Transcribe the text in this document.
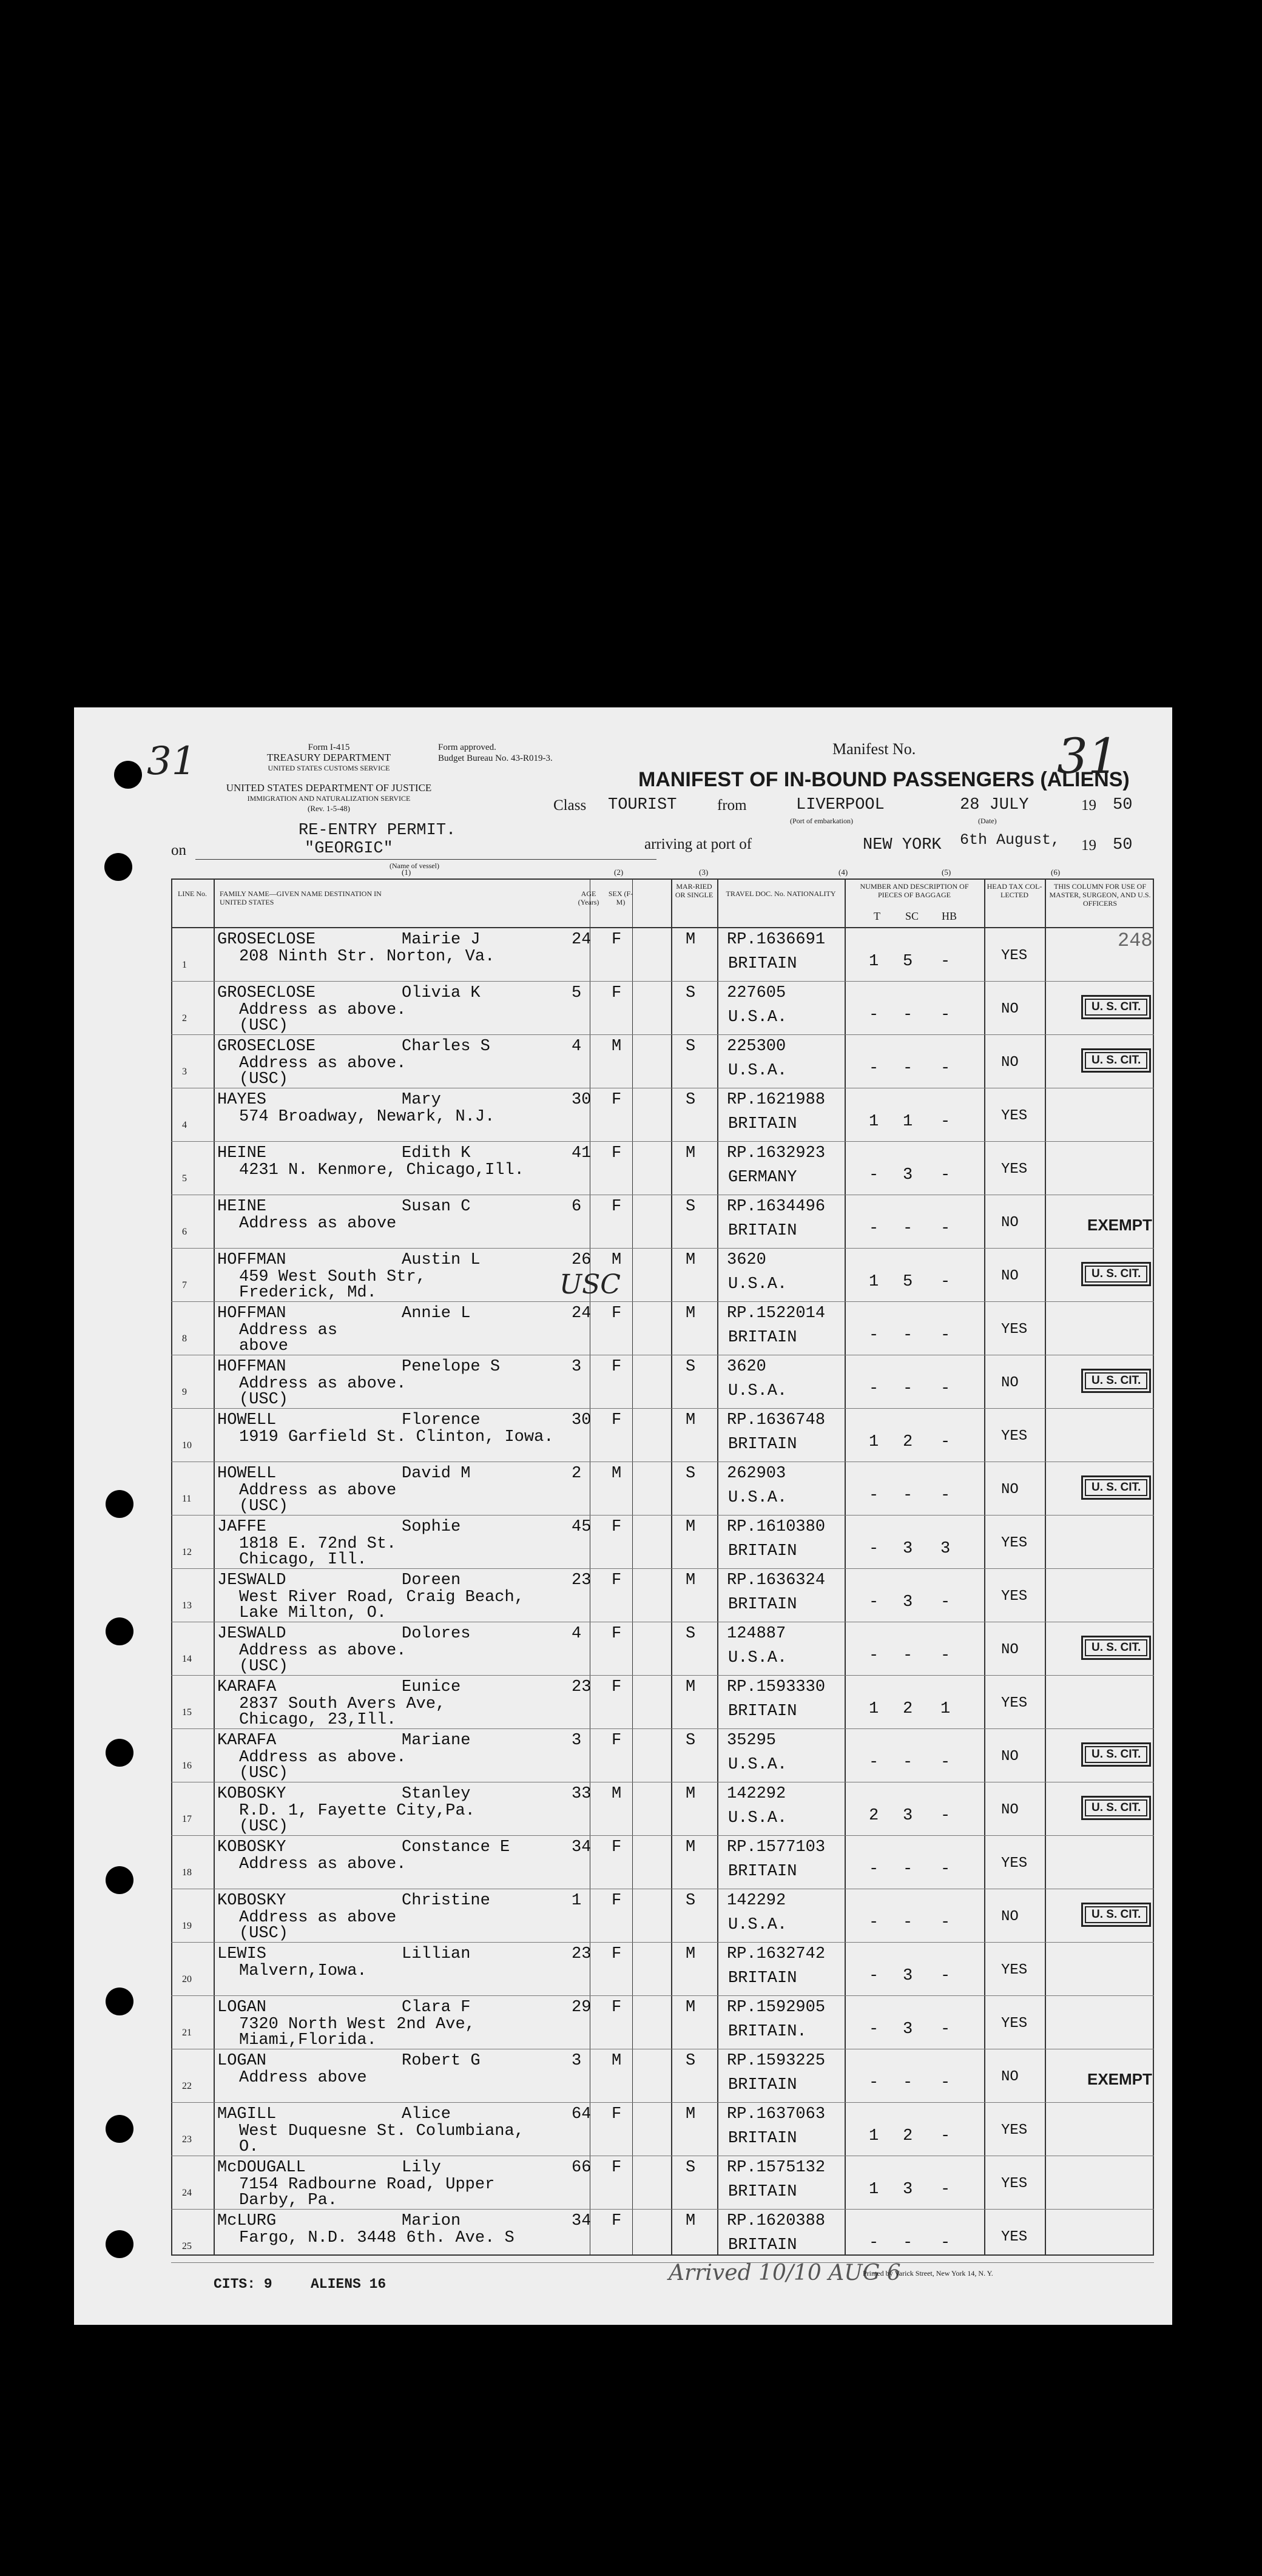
31	Form I-415
TREASURY DEPARTMENT
UNITED STATES CUSTOMS SERVICE
UNITED STATES DEPARTMENT OF JUSTICE
IMMIGRATION AND NATURALIZATION SERVICE
(Rev. 1-5-48)
Form approved.
Budget Bureau No. 43-R019-3.
Manifest No.	31
MANIFEST OF IN-BOUND PASSENGERS (ALIENS)
Class TOURIST	from	LIVERPOOL
(Port of embarkation)
28 JULY
(Date)
19 50
RE-ENTRY PERMIT.
"GEORGIC"
on
(Name of vessel)
arriving at port of	NEW YORK 6th August, 19 50
(1)	(2)	(3)	(4)	(5)	(6)
LINE No.	FAMILY NAME—GIVEN NAME DESTINATION IN UNITED STATES
AGE (Years)
SEX (F-M)
MAR-RIED OR SINGLE	TRAVEL DOC. No. NATIONALITY
NUMBER AND DESCRIPTION OF PIECES OF BAGGAGE
T SC HB
HEAD TAX COL-LECTED
THIS COLUMN FOR USE OF MASTER, SURGEON, AND U.S. OFFICERS
1
GROSECLOSE	Mairie J	24 F	M
208 Ninth Str. Norton, Va.
RP.1636691
BRITAIN	1 5 -	YES
248
2
GROSECLOSE	Olivia K	5 F	S
Address as above.
(USC)
227605
U.S.A.	- - -	NO	U. S. CIT.
3
GROSECLOSE	Charles S	4 M	S
Address as above.
(USC)
225300
U.S.A.	- - -	NO	U. S. CIT.
4
HAYES	Mary	30 F	S
574 Broadway, Newark, N.J.
RP.1621988
BRITAIN	1 1 -	YES
5
HEINE	Edith K	41 F	M
4231 N. Kenmore, Chicago,Ill.
RP.1632923
GERMANY	- 3 -	YES
6
HEINE	Susan C	6 F	S
Address as above
RP.1634496
BRITAIN	- - -	NO	EXEMPT
7
HOFFMAN	Austin L	26 M	M
459 West South Str,
Frederick, Md.
3620
U.S.A.	1 5 -	NO	U. S. CIT.
8
HOFFMAN	Annie L	24 F	M
Address as
above
RP.1522014
BRITAIN	- - -	YES
9
HOFFMAN	Penelope S	3 F	S
Address as above.
(USC)
3620
U.S.A.	- - -	NO	U. S. CIT.
10
HOWELL	Florence	30 F	M
1919 Garfield St. Clinton, Iowa.
RP.1636748
BRITAIN	1 2 -	YES
11
HOWELL	David M	2 M	S
Address as above
(USC)
262903
U.S.A.	- - -	NO	U. S. CIT.
12
JAFFE	Sophie	45 F	M
1818 E. 72nd St.
Chicago, Ill.
RP.1610380
BRITAIN	- 3 3	YES
13
JESWALD	Doreen	23 F	M
West River Road, Craig Beach,
Lake Milton, O.
RP.1636324
BRITAIN	- 3 -	YES
14
JESWALD	Dolores	4 F	S
Address as above.
(USC)
124887
U.S.A.	- - -	NO	U. S. CIT.
15
KARAFA	Eunice	23 F	M
2837 South Avers Ave,
Chicago, 23,Ill.
RP.1593330
BRITAIN	1 2 1	YES
16
KARAFA	Mariane	3 F	S
Address as above.
(USC)
35295
U.S.A.	- - -	NO	U. S. CIT.
17
KOBOSKY	Stanley	33 M	M
R.D. 1, Fayette City,Pa.
(USC)
142292
U.S.A.	2 3 -	NO	U. S. CIT.
18
KOBOSKY	Constance E	34 F	M
Address as above.
RP.1577103
BRITAIN	- - -	YES
19
KOBOSKY	Christine	1 F	S
Address as above
(USC)
142292
U.S.A.	- - -	NO	U. S. CIT.
20
LEWIS	Lillian	23 F	M
Malvern,Iowa.
RP.1632742
BRITAIN	- 3 -	YES
21
LOGAN	Clara F	29 F	M
7320 North West 2nd Ave,
Miami,Florida.
RP.1592905
BRITAIN.	- 3 -	YES
22
LOGAN	Robert G	3 M	S
Address above
RP.1593225
BRITAIN	- - -	NO	EXEMPT
23
MAGILL	Alice	64 F	M
West Duquesne St. Columbiana,
O.
RP.1637063
BRITAIN	1 2 -	YES
24
McDOUGALL	Lily	66 F	S
7154 Radbourne Road, Upper
Darby, Pa.
RP.1575132
BRITAIN	1 3 -	YES
25
McLURG	Marion	34 F	M
Fargo, N.D. 3448 6th. Ave. S
RP.1620388
BRITAIN	- - -	YES
USC
CITS: 9	ALIENS 16	Arrived 10/10 AUG 6
Printed by Varick Street, New York 14, N. Y.
